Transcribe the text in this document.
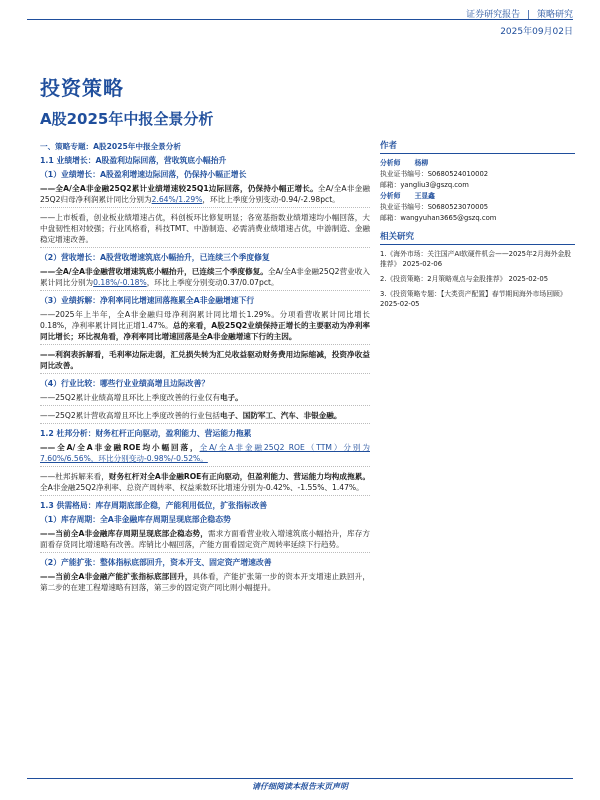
证券研究报告 | 策略研究
2025年09月02日
投资策略
A股2025年中报全景分析
一、策略专题：A股2025年中报全景分析
1.1 业绩增长：A股盈利边际回落，营收筑底小幅抬升
（1）业绩增长：A股盈利增速边际回落，仍保持小幅正增长
——全A/全A非金融25Q2累计业绩增速较25Q1边际回落，仍保持小幅正增长。全A/全A非金融25Q2归母净利润累计同比分别为2.64%/1.29%，环比上季度分别变动-0.94/-2.98pct。
——上市板看，创业板业绩增速占优，科创板环比修复明显；各宽基指数业绩增速均小幅回落，大中盘韧性相对较强；行业风格看，科技TMT、中游制造、必需消费业绩增速占优，中游制造、金融稳定增速改善。
（2）营收增长：A股营收增速筑底小幅抬升，已连续三个季度修复
——全A/全A非金融营收增速筑底小幅抬升，已连续三个季度修复。全A/全A非金融25Q2营业收入累计同比分别为0.18%/-0.18%，环比上季度分别变动0.37/0.07pct。
（3）业绩拆解：净利率同比增速回落拖累全A非金融增速下行
——2025年上半年，全A非金融归母净利润累计同比增长1.29%。分项看营收累计同比增长0.18%，净利率累计同比正增1.47%。总的来看，A股25Q2业绩保持正增长的主要驱动为净利率同比增长；环比视角看，净利率同比增速回落是全A非金融增速下行的主因。
——利润表拆解看，毛利率边际走弱，汇兑损失转为汇兑收益驱动财务费用边际缩减，投资净收益同比改善。
（4）行业比较：哪些行业业绩高增且边际改善？
——25Q2累计业绩高增且环比上季度改善的行业仅有电子。
——25Q2累计营收高增且环比上季度改善的行业包括电子、国防军工、汽车、非银金融。
1.2 杜邦分析：财务杠杆正向驱动，盈利能力、营运能力拖累
——全A/全A非金融ROE均小幅回落，全A/全A非金融25Q2 ROE（TTM）分别为7.60%/6.56%，环比分别变动-0.98%/-0.52%。
——杜邦拆解来看，财务杠杆对全A非金融ROE有正向驱动，但盈利能力、营运能力均构成拖累。全A非金融25Q2净利率、总资产周转率、权益乘数环比增速分别为-0.42%、-1.55%、1.47%。
1.3 供需格局：库存周期底部企稳，产能利用低位，扩张指标改善
（1）库存周期：全A非金融库存周期呈现底部企稳态势
——当前全A非金融库存周期呈现底部企稳态势，需求方面看营业收入增速筑底小幅抬升，库存方面看存货同比增速略有改善。库销比小幅回落，产能方面看固定资产周转率延续下行趋势。
（2）产能扩张：整体指标底部回升，资本开支、固定资产增速改善
——当前全A非金融产能扩张指标底部回升，具体看，产能扩张第一步的资本开支增速止跌回升，第二步的在建工程增速略有回落，第三步的固定资产同比则小幅提升。
作者
分析师 杨柳
执业证书编号：S0680524010002
邮箱：yangliu3@gszq.com
分析师 王显鑫
执业证书编号：S0680523070005
邮箱：wangyuhan3665@gszq.com
相关研究
1.《海外市场：关注国产AI软硬件机会——2025年2月海外金股推荐》 2025-02-06
2.《投资策略：2月策略观点与金股推荐》 2025-02-05
3.《投资策略专题：【大类资产配置】春节期间海外市场回顾》 2025-02-05
请仔细阅读本报告末页声明
